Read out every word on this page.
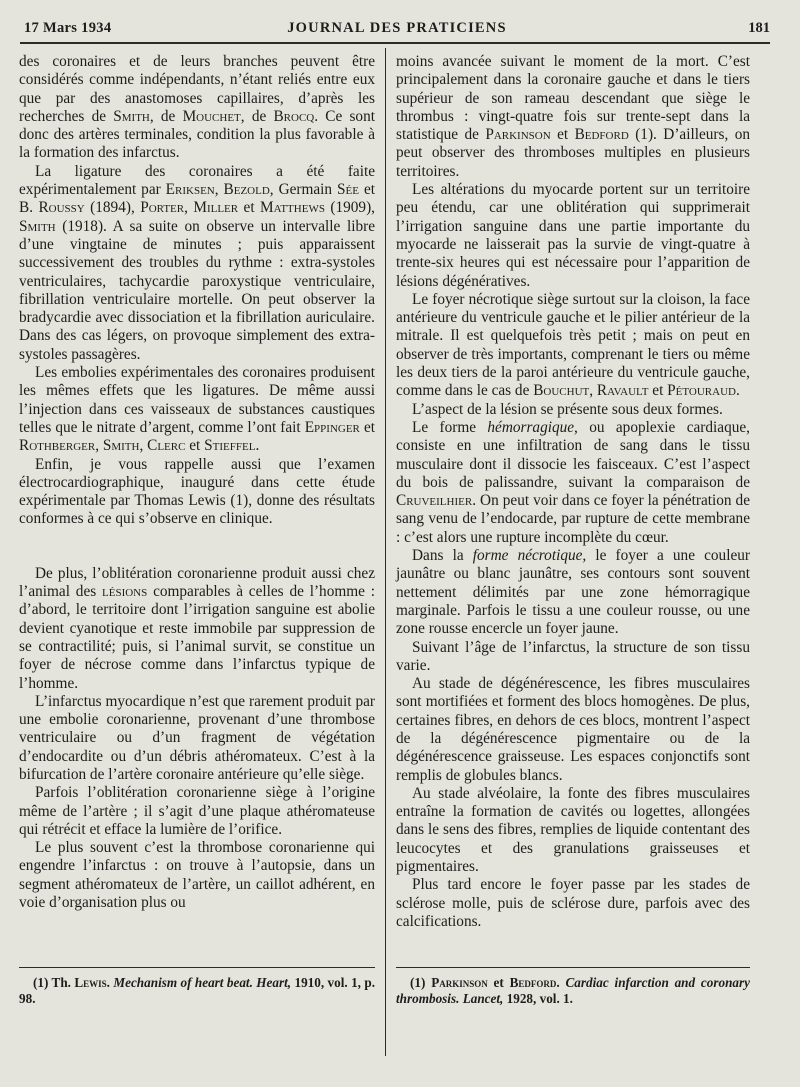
17 Mars 1934	JOURNAL DES PRATICIENS	181

des coronaires et de leurs branches peuvent être considérés comme indépendants, n’étant reliés entre eux que par des anastomoses capillaires, d’après les recherches de Smith, de Mouchet, de Brocq. Ce sont donc des artères terminales, condition la plus favorable à la formation des infarctus.

La ligature des coronaires a été faite expérimentalement par Eriksen, Bezold, Germain Sée et B. Roussy (1894), Porter, Miller et Matthews (1909), Smith (1918). A sa suite on observe un intervalle libre d’une vingtaine de minutes ; puis apparaissent successivement des troubles du rythme : extra-systoles ventriculaires, tachycardie paroxystique ventriculaire, fibrillation ventriculaire mortelle. On peut observer la bradycardie avec dissociation et la fibrillation auriculaire. Dans des cas légers, on provoque simplement des extra-systoles passagères.

Les embolies expérimentales des coronaires produisent les mêmes effets que les ligatures. De même aussi l’injection dans ces vaisseaux de substances caustiques telles que le nitrate d’argent, comme l’ont fait Eppinger et Rothberger, Smith, Clerc et Stieffel.

Enfin, je vous rappelle aussi que l’examen électrocardiographique, inauguré dans cette étude expérimentale par Thomas Lewis (1), donne des résultats conformes à ce qui s’observe en clinique.

De plus, l’oblitération coronarienne produit aussi chez l’animal des lésions comparables à celles de l’homme : d’abord, le territoire dont l’irrigation sanguine est abolie devient cyanotique et reste immobile par suppression de se contractilité; puis, si l’animal survit, se constitue un foyer de nécrose comme dans l’infarctus typique de l’homme.

L’infarctus myocardique n’est que rarement produit par une embolie coronarienne, provenant d’une thrombose ventriculaire ou d’un fragment de végétation d’endocardite ou d’un débris athéromateux. C’est à la bifurcation de l’artère coronaire antérieure qu’elle siège.

Parfois l’oblitération coronarienne siège à l’origine même de l’artère ; il s’agit d’une plaque athéromateuse qui rétrécit et efface la lumière de l’orifice.

Le plus souvent c’est la thrombose coronarienne qui engendre l’infarctus : on trouve à l’autopsie, dans un segment athéromateux de l’artère, un caillot adhérent, en voie d’organisation plus ou

moins avancée suivant le moment de la mort. C’est principalement dans la coronaire gauche et dans le tiers supérieur de son rameau descendant que siège le thrombus : vingt-quatre fois sur trente-sept dans la statistique de Parkinson et Bedford (1). D’ailleurs, on peut observer des thromboses multiples en plusieurs territoires.

Les altérations du myocarde portent sur un territoire peu étendu, car une oblitération qui supprimerait l’irrigation sanguine dans une partie importante du myocarde ne laisserait pas la survie de vingt-quatre à trente-six heures qui est nécessaire pour l’apparition de lésions dégénératives.

Le foyer nécrotique siège surtout sur la cloison, la face antérieure du ventricule gauche et le pilier antérieur de la mitrale. Il est quelquefois très petit ; mais on peut en observer de très importants, comprenant le tiers ou même les deux tiers de la paroi antérieure du ventricule gauche, comme dans le cas de Bouchut, Ravault et Pétouraud.

L’aspect de la lésion se présente sous deux formes.

Le forme hémorragique, ou apoplexie cardiaque, consiste en une infiltration de sang dans le tissu musculaire dont il dissocie les faisceaux. C’est l’aspect du bois de palissandre, suivant la comparaison de Cruveilhier. On peut voir dans ce foyer la pénétration de sang venu de l’endocarde, par rupture de cette membrane : c’est alors une rupture incomplète du cœur.

Dans la forme nécrotique, le foyer a une couleur jaunâtre ou blanc jaunâtre, ses contours sont souvent nettement délimités par une zone hémorragique marginale. Parfois le tissu a une couleur rousse, ou une zone rousse encercle un foyer jaune.

Suivant l’âge de l’infarctus, la structure de son tissu varie.

Au stade de dégénérescence, les fibres musculaires sont mortifiées et forment des blocs homogènes. De plus, certaines fibres, en dehors de ces blocs, montrent l’aspect de la dégénérescence pigmentaire ou de la dégénérescence graisseuse. Les espaces conjonctifs sont remplis de globules blancs.

Au stade alvéolaire, la fonte des fibres musculaires entraîne la formation de cavités ou logettes, allongées dans le sens des fibres, remplies de liquide contentant des leucocytes et des granulations graisseuses et pigmentaires.

Plus tard encore le foyer passe par les stades de sclérose molle, puis de sclérose dure, parfois avec des calcifications.

(1) Th. Lewis. Mechanism of heart beat. Heart, 1910, vol. 1, p. 98.
(1) Parkinson et Bedford. Cardiac infarction and coronary thrombosis. Lancet, 1928, vol. 1.
